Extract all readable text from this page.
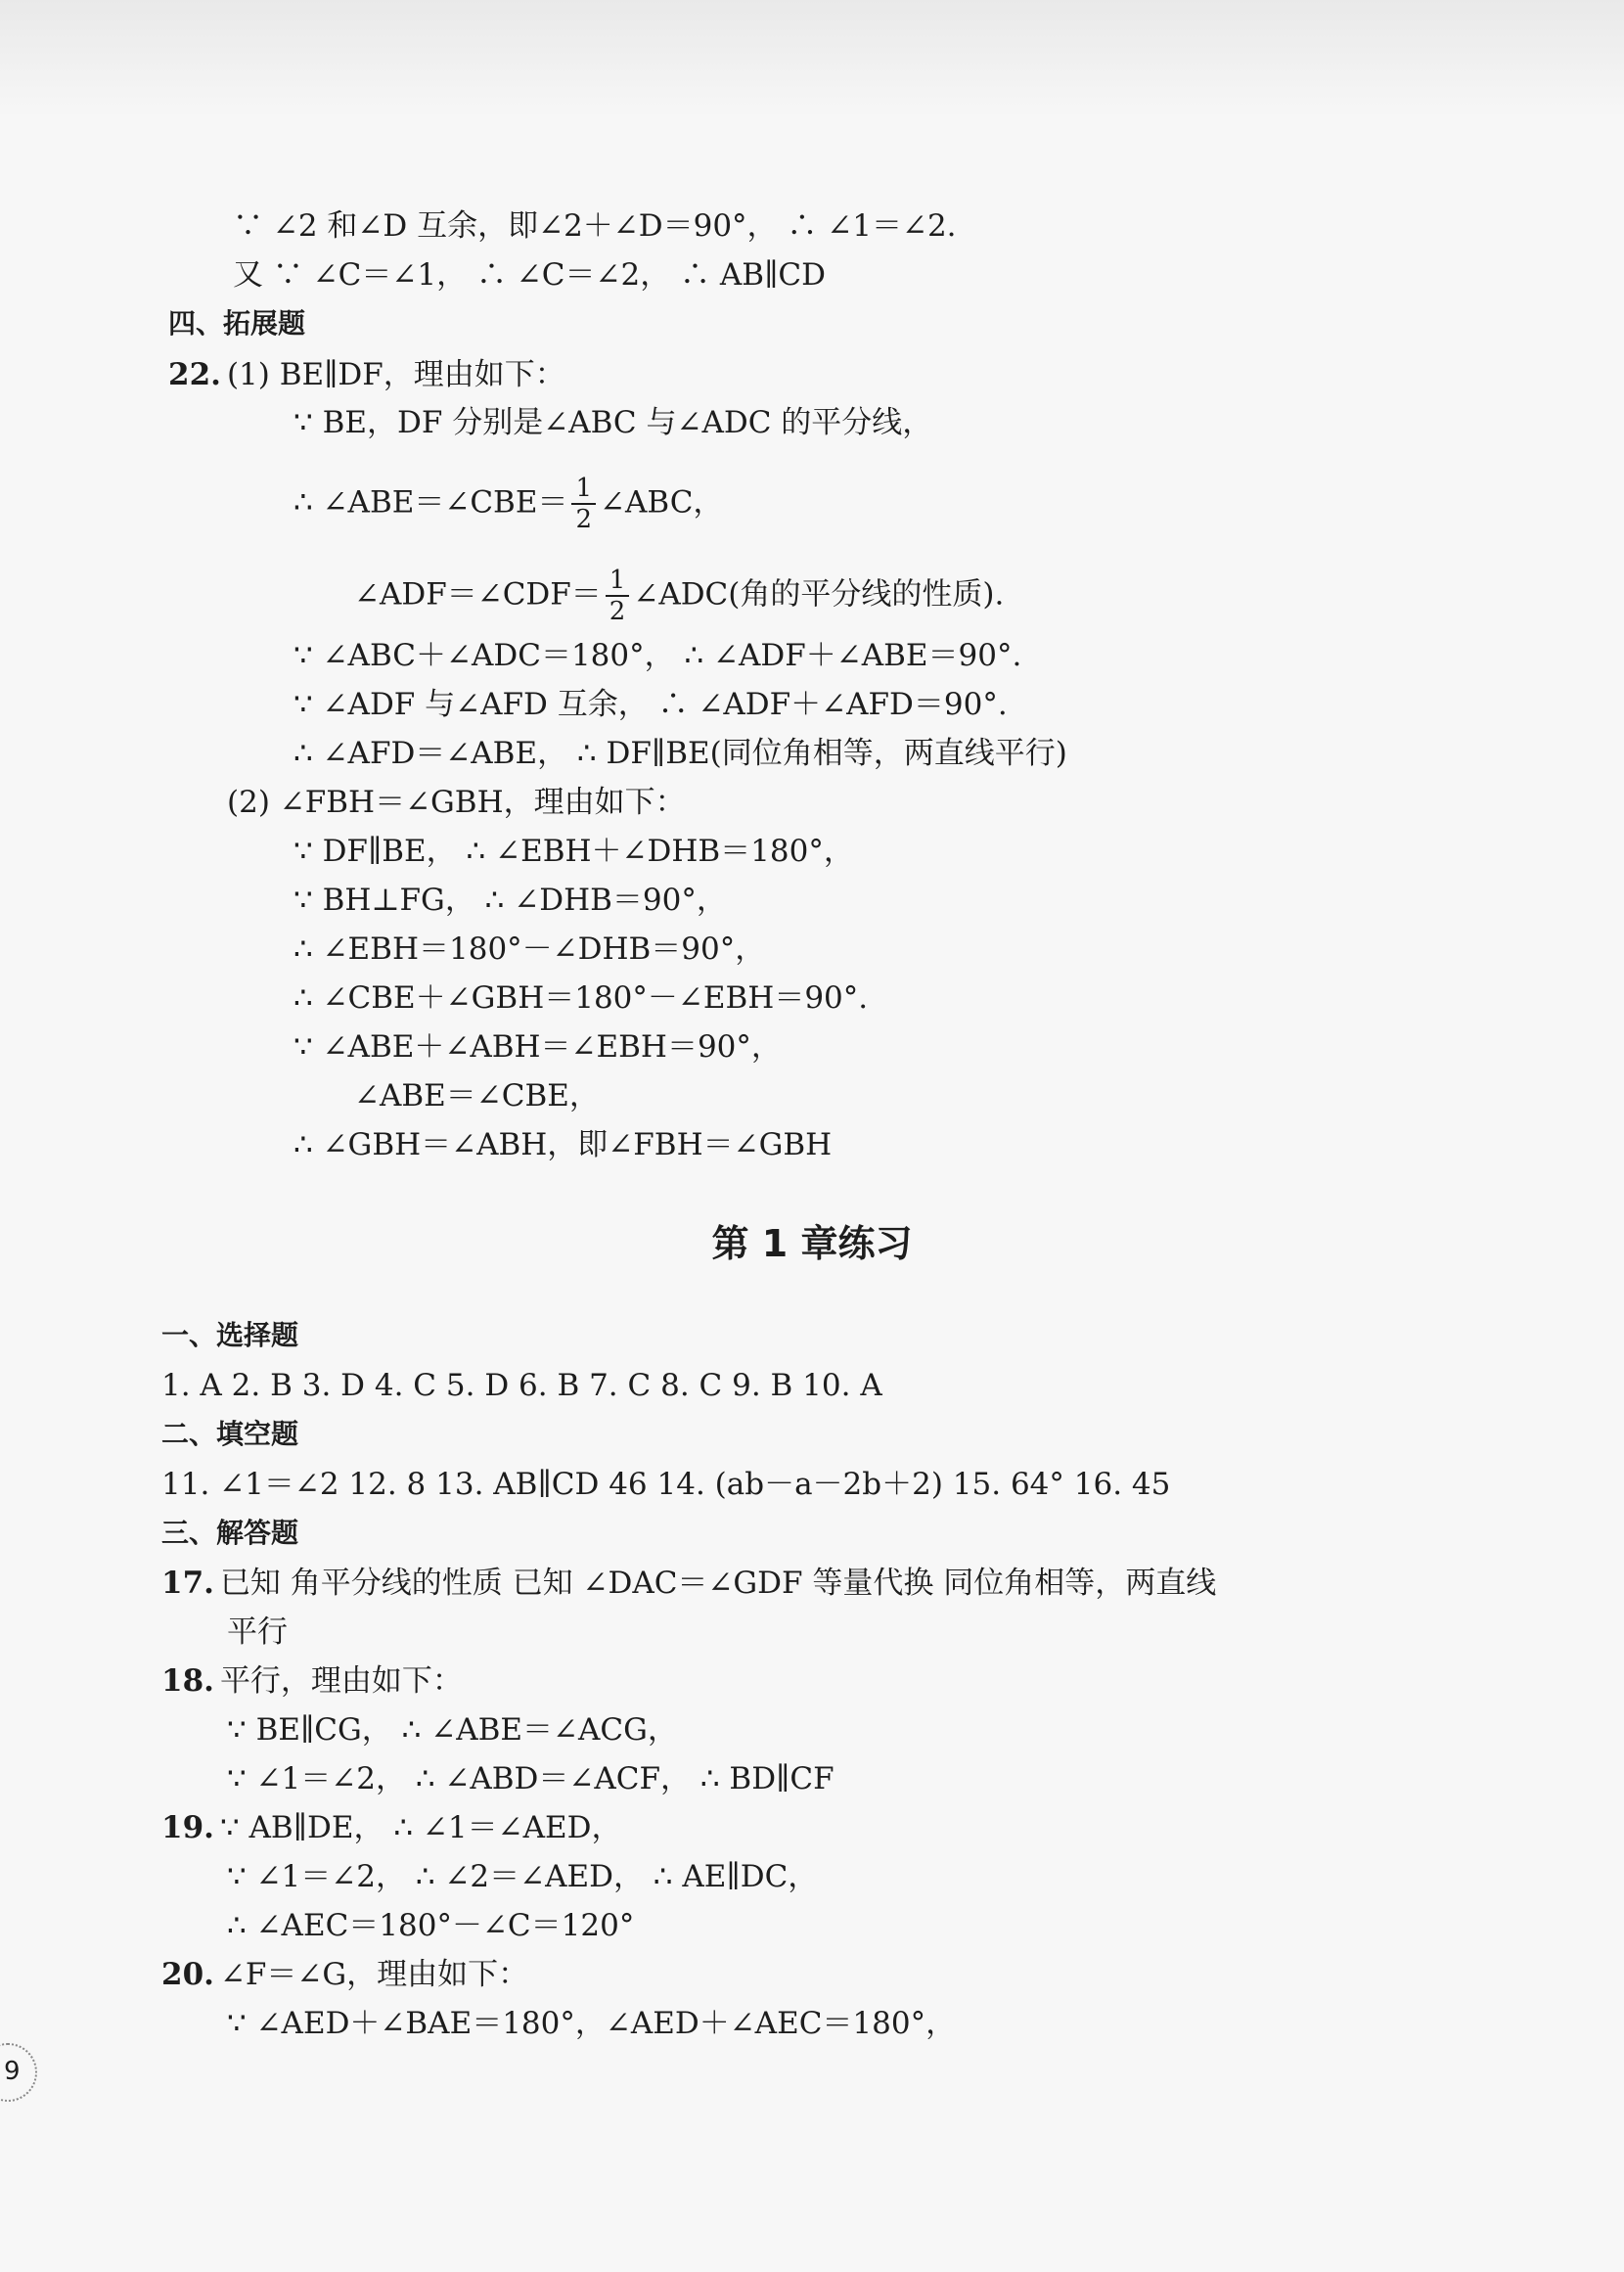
∵ ∠2 和∠D 互余，即∠2＋∠D＝90°， ∴ ∠1＝∠2.
又 ∵ ∠C＝∠1， ∴ ∠C＝∠2， ∴ AB∥CD
四、拓展题
22. (1) BE∥DF，理由如下：
∵ BE，DF 分别是∠ABC 与∠ADC 的平分线，
∴ ∠ABE＝∠CBE＝ $\frac{1}{2}$ ∠ABC，
∠ADF＝∠CDF＝ $\frac{1}{2}$ ∠ADC(角的平分线的性质).
∵ ∠ABC＋∠ADC＝180°， ∴ ∠ADF＋∠ABE＝90°.
∵ ∠ADF 与∠AFD 互余， ∴ ∠ADF＋∠AFD＝90°.
∴ ∠AFD＝∠ABE， ∴ DF∥BE(同位角相等，两直线平行)
(2) ∠FBH＝∠GBH，理由如下：
∵ DF∥BE， ∴ ∠EBH＋∠DHB＝180°，
∵ BH⊥FG， ∴ ∠DHB＝90°，
∴ ∠EBH＝180°－∠DHB＝90°，
∴ ∠CBE＋∠GBH＝180°－∠EBH＝90°.
∵ ∠ABE＋∠ABH＝∠EBH＝90°，
∠ABE＝∠CBE，
∴ ∠GBH＝∠ABH，即∠FBH＝∠GBH
第 1 章练习
一、选择题
1. A 2. B 3. D 4. C 5. D 6. B 7. C 8. C 9. B 10. A
二、填空题
11. ∠1＝∠2 12. 8 13. AB∥CD 46 14. (ab－a－2b＋2) 15. 64° 16. 45
三、解答题
17. 已知 角平分线的性质 已知 ∠DAC＝∠GDF 等量代换 同位角相等，两直线
平行
18. 平行，理由如下：
∵ BE∥CG， ∴ ∠ABE＝∠ACG，
∵ ∠1＝∠2， ∴ ∠ABD＝∠ACF， ∴ BD∥CF
19. ∵ AB∥DE， ∴ ∠1＝∠AED，
∵ ∠1＝∠2， ∴ ∠2＝∠AED， ∴ AE∥DC，
∴ ∠AEC＝180°－∠C＝120°
20. ∠F＝∠G，理由如下：
∵ ∠AED＋∠BAE＝180°，∠AED＋∠AEC＝180°，
9
